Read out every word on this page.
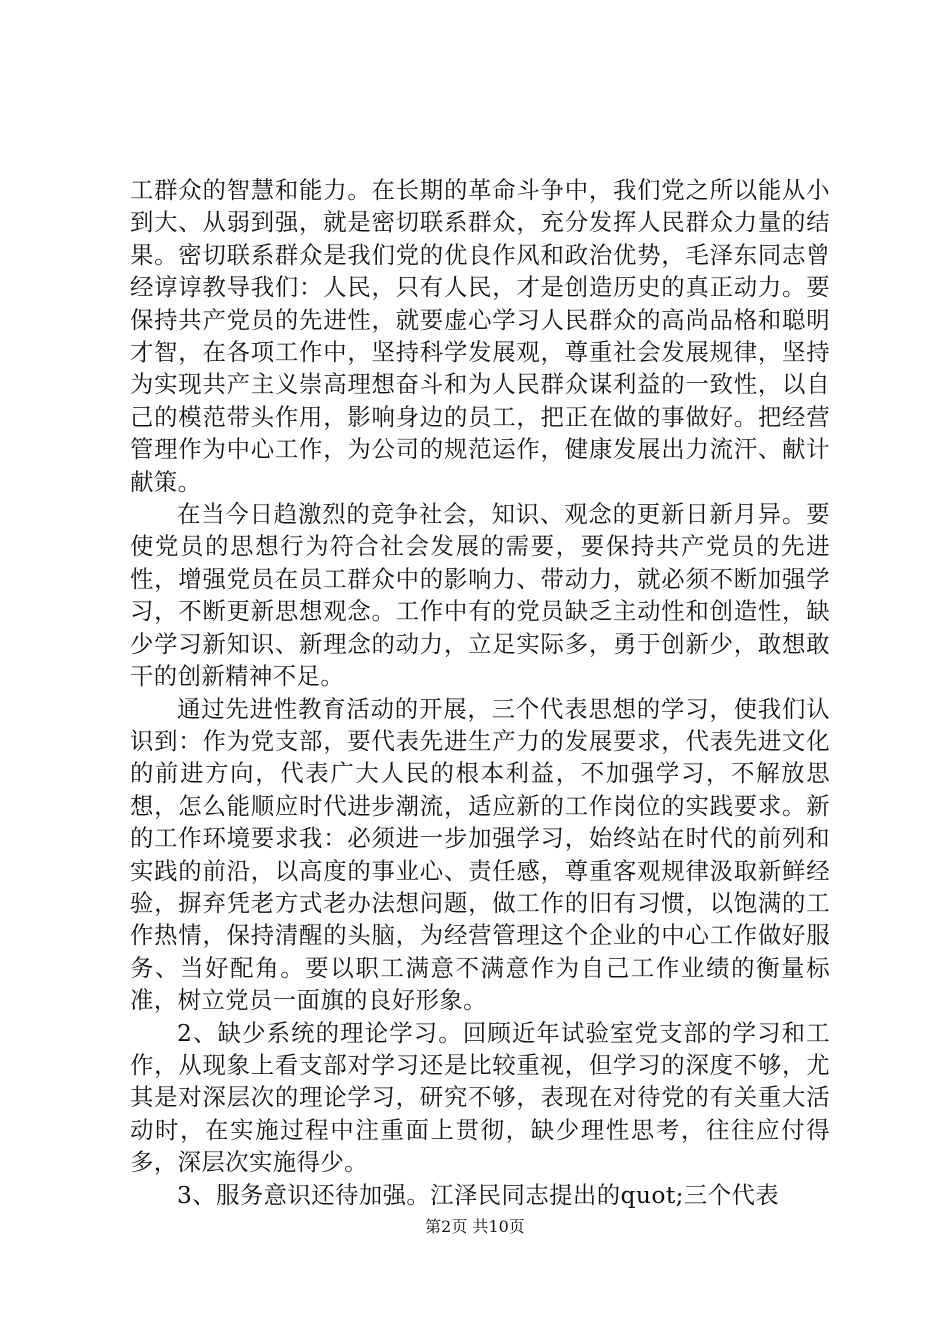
工群众的智慧和能力。在长期的革命斗争中，我们党之所以能从小到大、从弱到强，就是密切联系群众，充分发挥人民群众力量的结果。密切联系群众是我们党的优良作风和政治优势，毛泽东同志曾经谆谆教导我们：人民，只有人民，才是创造历史的真正动力。要保持共产党员的先进性，就要虚心学习人民群众的高尚品格和聪明才智，在各项工作中，坚持科学发展观，尊重社会发展规律，坚持为实现共产主义崇高理想奋斗和为人民群众谋利益的一致性，以自己的模范带头作用，影响身边的员工，把正在做的事做好。把经营管理作为中心工作，为公司的规范运作，健康发展出力流汗、献计献策。

在当今日趋激烈的竞争社会，知识、观念的更新日新月异。要使党员的思想行为符合社会发展的需要，要保持共产党员的先进性，增强党员在员工群众中的影响力、带动力，就必须不断加强学习，不断更新思想观念。工作中有的党员缺乏主动性和创造性，缺少学习新知识、新理念的动力，立足实际多，勇于创新少，敢想敢干的创新精神不足。

通过先进性教育活动的开展，三个代表思想的学习，使我们认识到：作为党支部，要代表先进生产力的发展要求，代表先进文化的前进方向，代表广大人民的根本利益，不加强学习，不解放思想，怎么能顺应时代进步潮流，适应新的工作岗位的实践要求。新的工作环境要求我：必须进一步加强学习，始终站在时代的前列和实践的前沿，以高度的事业心、责任感，尊重客观规律汲取新鲜经验，摒弃凭老方式老办法想问题，做工作的旧有习惯，以饱满的工作热情，保持清醒的头脑，为经营管理这个企业的中心工作做好服务、当好配角。要以职工满意不满意作为自己工作业绩的衡量标准，树立党员一面旗的良好形象。

2、缺少系统的理论学习。回顾近年试验室党支部的学习和工作，从现象上看支部对学习还是比较重视，但学习的深度不够，尤其是对深层次的理论学习，研究不够，表现在对待党的有关重大活动时，在实施过程中注重面上贯彻，缺少理性思考，往往应付得多，深层次实施得少。

3、服务意识还待加强。江泽民同志提出的quot;三个代表

第2页 共10页
